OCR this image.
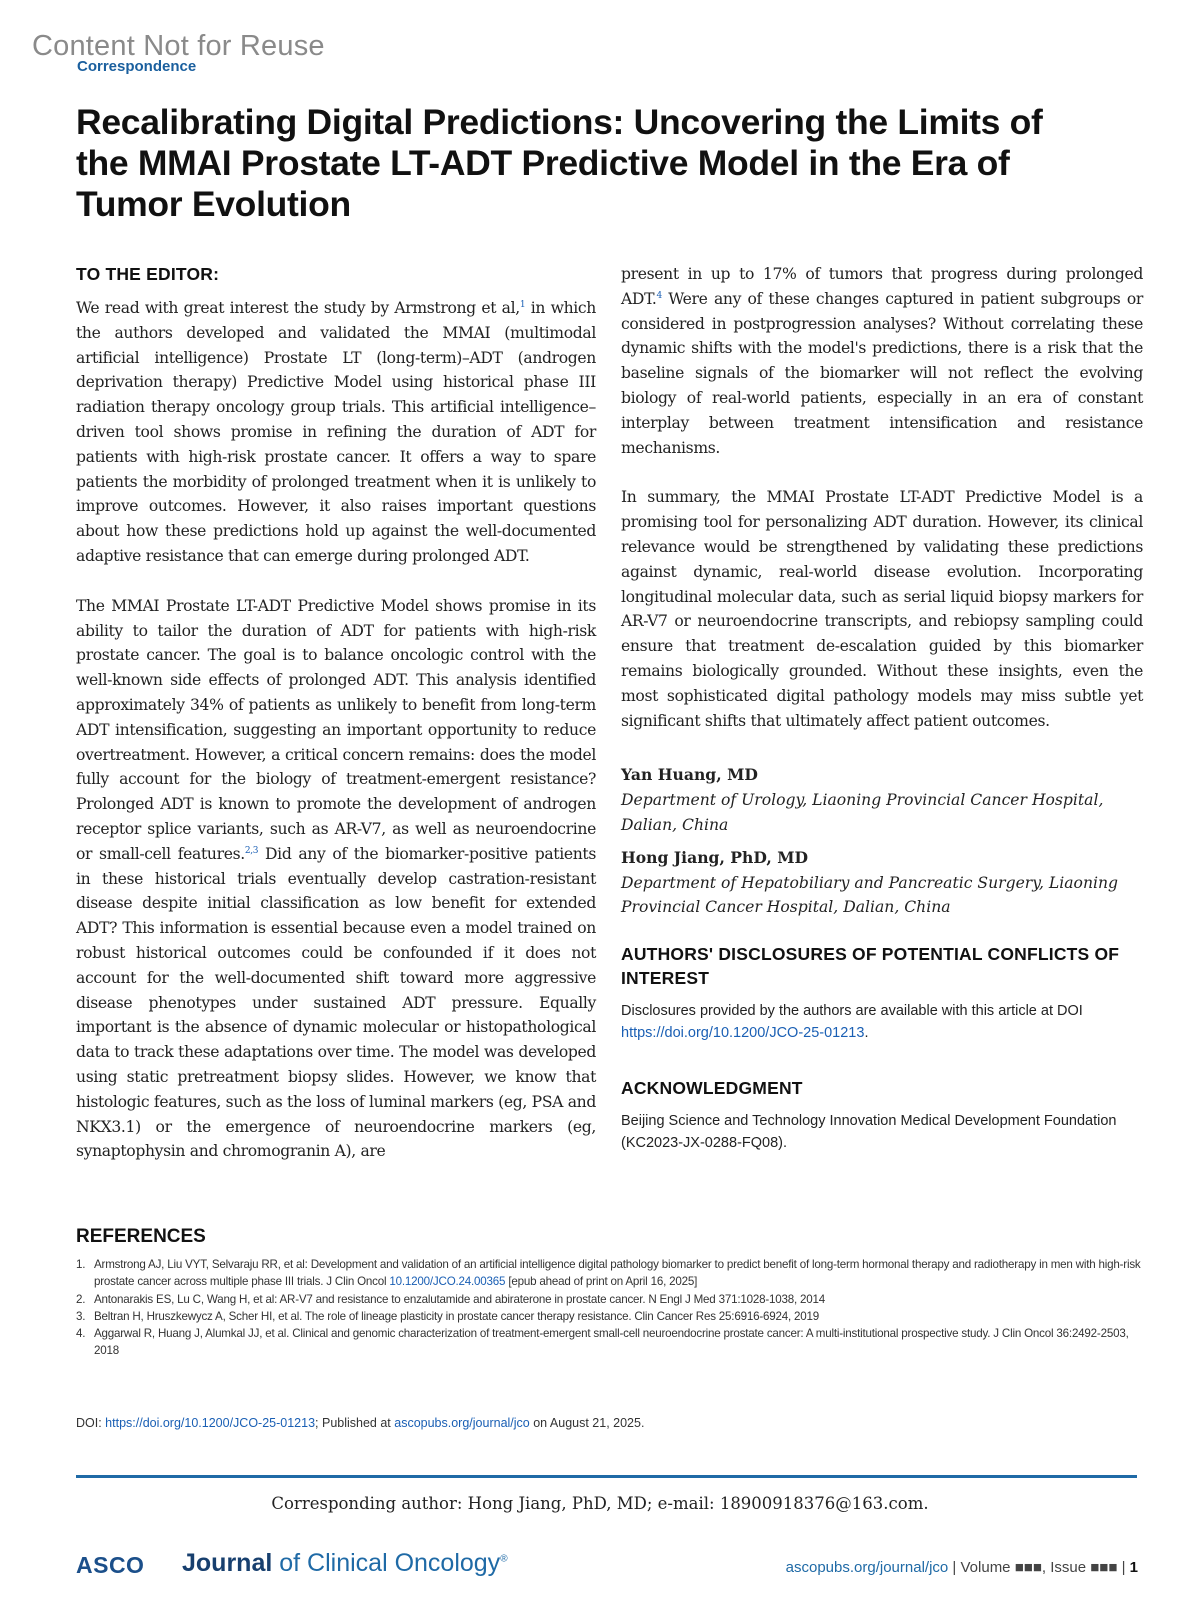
Content Not for Reuse
Correspondence
Recalibrating Digital Predictions: Uncovering the Limits of the MMAI Prostate LT-ADT Predictive Model in the Era of Tumor Evolution
TO THE EDITOR:

We read with great interest the study by Armstrong et al,$^1$ in which the authors developed and validated the MMAI (multimodal artificial intelligence) Prostate LT (long-term)–ADT (androgen deprivation therapy) Predictive Model using historical phase III radiation therapy oncology group trials. This artificial intelligence–driven tool shows promise in refining the duration of ADT for patients with high-risk prostate cancer. It offers a way to spare patients the morbidity of prolonged treatment when it is unlikely to improve outcomes. However, it also raises important questions about how these predictions hold up against the well-documented adaptive resistance that can emerge during prolonged ADT.

The MMAI Prostate LT-ADT Predictive Model shows promise in its ability to tailor the duration of ADT for patients with high-risk prostate cancer. The goal is to balance oncologic control with the well-known side effects of prolonged ADT. This analysis identified approximately 34% of patients as unlikely to benefit from long-term ADT intensification, suggesting an important opportunity to reduce overtreatment. However, a critical concern remains: does the model fully account for the biology of treatment-emergent resistance? Prolonged ADT is known to promote the development of androgen receptor splice variants, such as AR-V7, as well as neuroendocrine or small-cell features.$^{2,3}$ Did any of the biomarker-positive patients in these historical trials eventually develop castration-resistant disease despite initial classification as low benefit for extended ADT? This information is essential because even a model trained on robust historical outcomes could be confounded if it does not account for the well-documented shift toward more aggressive disease phenotypes under sustained ADT pressure. Equally important is the absence of dynamic molecular or histopathological data to track these adaptations over time. The model was developed using static pretreatment biopsy slides. However, we know that histologic features, such as the loss of luminal markers (eg, PSA and NKX3.1) or the emergence of neuroendocrine markers (eg, synaptophysin and chromogranin A), are

present in up to 17% of tumors that progress during prolonged ADT.$^4$ Were any of these changes captured in patient subgroups or considered in postprogression analyses? Without correlating these dynamic shifts with the model's predictions, there is a risk that the baseline signals of the biomarker will not reflect the evolving biology of real-world patients, especially in an era of constant interplay between treatment intensification and resistance mechanisms.

In summary, the MMAI Prostate LT-ADT Predictive Model is a promising tool for personalizing ADT duration. However, its clinical relevance would be strengthened by validating these predictions against dynamic, real-world disease evolution. Incorporating longitudinal molecular data, such as serial liquid biopsy markers for AR-V7 or neuroendocrine transcripts, and rebiopsy sampling could ensure that treatment de-escalation guided by this biomarker remains biologically grounded. Without these insights, even the most sophisticated digital pathology models may miss subtle yet significant shifts that ultimately affect patient outcomes.

Yan Huang, MD
Department of Urology, Liaoning Provincial Cancer Hospital, Dalian, China
Hong Jiang, PhD, MD
Department of Hepatobiliary and Pancreatic Surgery, Liaoning Provincial Cancer Hospital, Dalian, China
AUTHORS' DISCLOSURES OF POTENTIAL CONFLICTS OF INTEREST

Disclosures provided by the authors are available with this article at DOI https://doi.org/10.1200/JCO-25-01213.

ACKNOWLEDGMENT

Beijing Science and Technology Innovation Medical Development Foundation (KC2023-JX-0288-FQ08).

REFERENCES
1. Armstrong AJ, Liu VYT, Selvaraju RR, et al: Development and validation of an artificial intelligence digital pathology biomarker to predict benefit of long-term hormonal therapy and radiotherapy in men with high-risk prostate cancer across multiple phase III trials. J Clin Oncol 10.1200/JCO.24.00365 [epub ahead of print on April 16, 2025]
2. Antonarakis ES, Lu C, Wang H, et al: AR-V7 and resistance to enzalutamide and abiraterone in prostate cancer. N Engl J Med 371:1028-1038, 2014
3. Beltran H, Hruszkewycz A, Scher HI, et al. The role of lineage plasticity in prostate cancer therapy resistance. Clin Cancer Res 25:6916-6924, 2019
4. Aggarwal R, Huang J, Alumkal JJ, et al. Clinical and genomic characterization of treatment-emergent small-cell neuroendocrine prostate cancer: A multi-institutional prospective study. J Clin Oncol 36:2492-2503, 2018
DOI: https://doi.org/10.1200/JCO-25-01213; Published at ascopubs.org/journal/jco on August 21, 2025.
Corresponding author: Hong Jiang, PhD, MD; e-mail: 18900918376@163.com.
ASCO Journal of Clinical Oncology®	ascopubs.org/journal/jco | Volume ■■■, Issue ■■■ | 1
